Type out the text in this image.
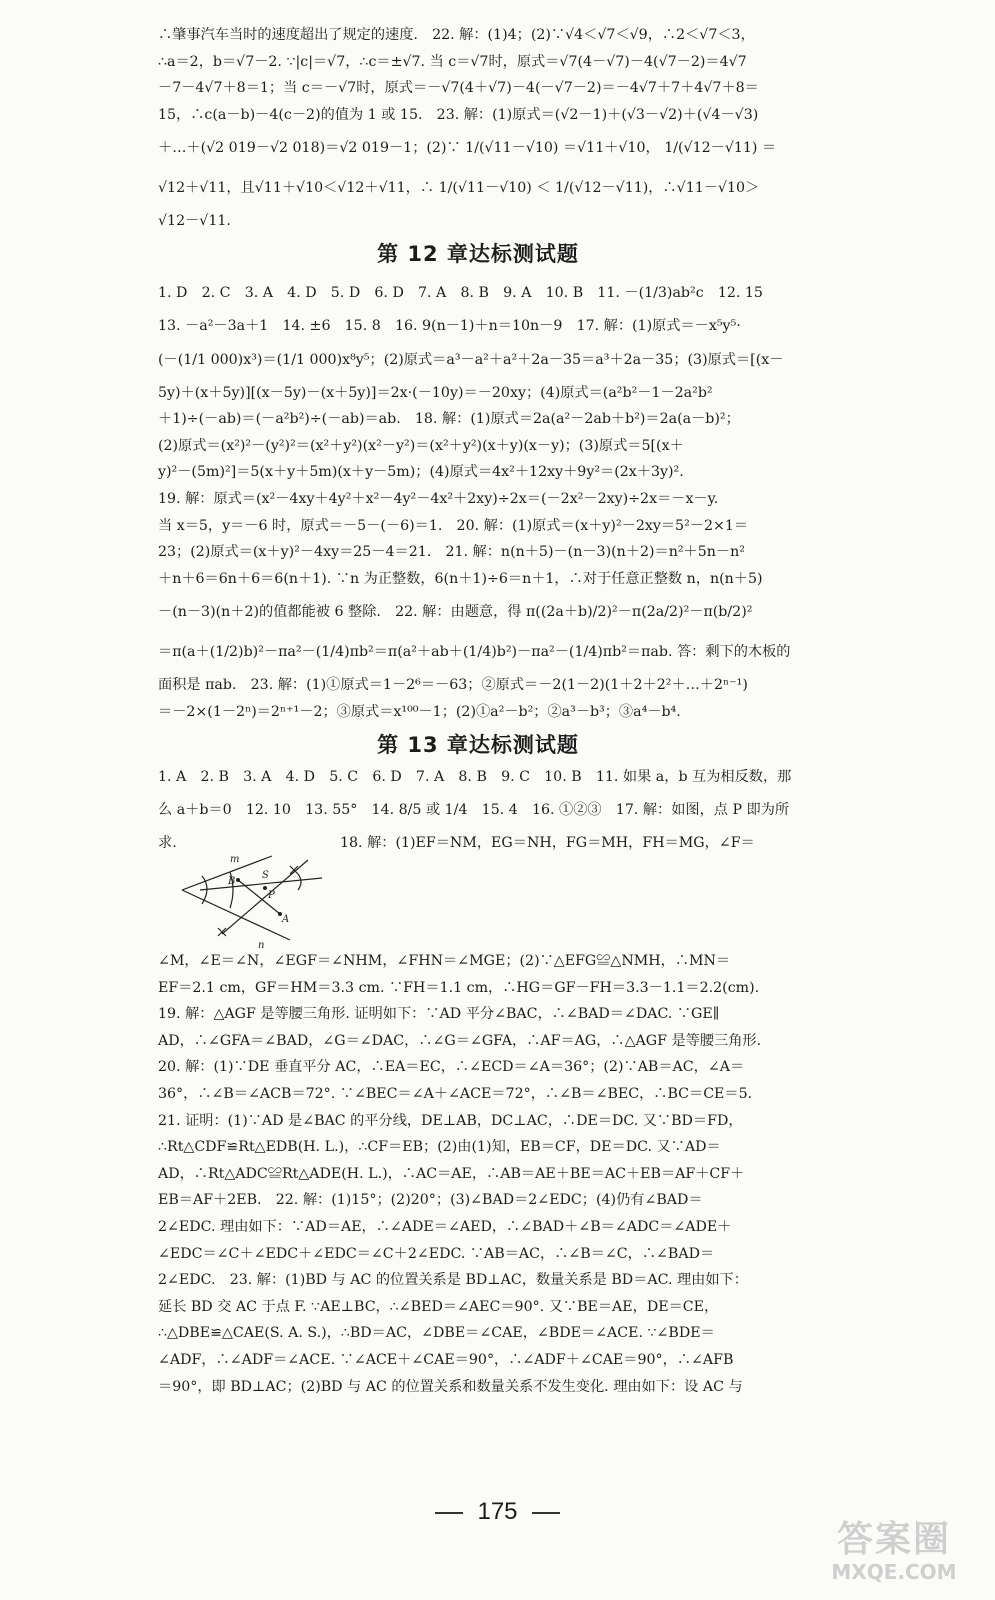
∴肇事汽车当时的速度超出了规定的速度.　22. 解：(1)4；(2)∵√4＜√7＜√9，∴2＜√7＜3，
∴a＝2，b＝√7－2. ∵|c|＝√7，∴c＝±√7. 当 c＝√7时，原式＝√7(4－√7)－4(√7－2)＝4√7
－7－4√7＋8＝1；当 c＝－√7时，原式＝－√7(4＋√7)－4(－√7－2)＝－4√7＋7＋4√7＋8＝
15，∴c(a－b)－4(c－2)的值为 1 或 15.　23. 解：(1)原式＝(√2－1)＋(√3－√2)＋(√4－√3)
＋…＋(√2 019－√2 018)＝√2 019－1；(2)∵ 1/(√11－√10) ＝√11＋√10， 1/(√12－√11) ＝
√12＋√11，且√11＋√10＜√12＋√11，∴ 1/(√11－√10) ＜ 1/(√12－√11)，∴√11－√10＞
√12－√11.
第 12 章达标测试题
1. D　2. C　3. A　4. D　5. D　6. D　7. A　8. B　9. A　10. B　11. －(1/3)ab²c　12. 15
13. －a²－3a＋1　14. ±6　15. 8　16. 9(n－1)＋n＝10n－9　17. 解：(1)原式＝－x⁵y⁵·
(－(1/1 000)x³)＝(1/1 000)x⁸y⁵；(2)原式＝a³－a²＋a²＋2a－35＝a³＋2a－35；(3)原式＝[(x－
5y)＋(x＋5y)][(x－5y)－(x＋5y)]＝2x·(－10y)＝－20xy；(4)原式＝(a²b²－1－2a²b²
＋1)÷(－ab)＝(－a²b²)÷(－ab)＝ab.　18. 解：(1)原式＝2a(a²－2ab＋b²)＝2a(a－b)²；
(2)原式＝(x²)²－(y²)²＝(x²＋y²)(x²－y²)＝(x²＋y²)(x＋y)(x－y)；(3)原式＝5[(x＋
y)²－(5m)²]＝5(x＋y＋5m)(x＋y－5m)；(4)原式＝4x²＋12xy＋9y²＝(2x＋3y)².
19. 解：原式＝(x²－4xy＋4y²＋x²－4y²－4x²＋2xy)÷2x＝(－2x²－2xy)÷2x＝－x－y.
当 x＝5，y＝－6 时，原式＝－5－(－6)＝1.　20. 解：(1)原式＝(x＋y)²－2xy＝5²－2×1＝
23；(2)原式＝(x＋y)²－4xy＝25－4＝21.　21. 解：n(n＋5)－(n－3)(n＋2)＝n²＋5n－n²
＋n＋6＝6n＋6＝6(n＋1). ∵n 为正整数，6(n＋1)÷6＝n＋1，∴对于任意正整数 n，n(n＋5)
－(n－3)(n＋2)的值都能被 6 整除.　22. 解：由题意，得 π((2a＋b)/2)²－π(2a/2)²－π(b/2)²
＝π(a＋(1/2)b)²－πa²－(1/4)πb²＝π(a²＋ab＋(1/4)b²)－πa²－(1/4)πb²＝πab. 答：剩下的木板的
面积是 πab.　23. 解：(1)①原式＝1－2⁶＝－63；②原式＝－2(1－2)(1＋2＋2²＋…＋2ⁿ⁻¹)
＝－2×(1－2ⁿ)＝2ⁿ⁺¹－2；③原式＝x¹⁰⁰－1；(2)①a²－b²；②a³－b³；③a⁴－b⁴.
第 13 章达标测试题
1. A　2. B　3. A　4. D　5. C　6. D　7. A　8. B　9. C　10. B　11. 如果 a，b 互为相反数，那
么 a＋b＝0　12. 10　13. 55°　14. 8/5 或 1/4　15. 4　16. ①②③　17. 解：如图，点 P 即为所
求.	18. 解：(1)EF＝NM，EG＝NH，FG＝MH，FH＝MG，∠F＝
m
n
B
S
P
A
∠M，∠E＝∠N，∠EGF＝∠NHM，∠FHN＝∠MGE；(2)∵△EFG≌△NMH，∴MN＝
EF＝2.1 cm，GF＝HM＝3.3 cm. ∵FH＝1.1 cm，∴HG＝GF－FH＝3.3－1.1＝2.2(cm).
19. 解：△AGF 是等腰三角形. 证明如下：∵AD 平分∠BAC，∴∠BAD＝∠DAC. ∵GE∥
AD，∴∠GFA＝∠BAD，∠G＝∠DAC，∴∠G＝∠GFA，∴AF＝AG，∴△AGF 是等腰三角形.
20. 解：(1)∵DE 垂直平分 AC，∴EA＝EC，∴∠ECD＝∠A＝36°；(2)∵AB＝AC，∠A＝
36°，∴∠B＝∠ACB＝72°. ∵∠BEC＝∠A＋∠ACE＝72°，∴∠B＝∠BEC，∴BC＝CE＝5.
21. 证明：(1)∵AD 是∠BAC 的平分线，DE⊥AB，DC⊥AC，∴DE＝DC. 又∵BD＝FD，
∴Rt△CDF≌Rt△EDB(H. L.)，∴CF＝EB；(2)由(1)知，EB＝CF，DE＝DC. 又∵AD＝
AD，∴Rt△ADC≌Rt△ADE(H. L.)，∴AC＝AE，∴AB＝AE＋BE＝AC＋EB＝AF＋CF＋
EB＝AF＋2EB.　22. 解：(1)15°；(2)20°；(3)∠BAD＝2∠EDC；(4)仍有∠BAD＝
2∠EDC. 理由如下：∵AD＝AE，∴∠ADE＝∠AED，∴∠BAD＋∠B＝∠ADC＝∠ADE＋
∠EDC＝∠C＋∠EDC＋∠EDC＝∠C＋2∠EDC. ∵AB＝AC，∴∠B＝∠C，∴∠BAD＝
2∠EDC.　23. 解：(1)BD 与 AC 的位置关系是 BD⊥AC，数量关系是 BD＝AC. 理由如下：
延长 BD 交 AC 于点 F. ∵AE⊥BC，∴∠BED＝∠AEC＝90°. 又∵BE＝AE，DE＝CE，
∴△DBE≌△CAE(S. A. S.)，∴BD＝AC，∠DBE＝∠CAE，∠BDE＝∠ACE. ∵∠BDE＝
∠ADF，∴∠ADF＝∠ACE. ∵∠ACE＋∠CAE＝90°，∴∠ADF＋∠CAE＝90°，∴∠AFB
＝90°，即 BD⊥AC；(2)BD 与 AC 的位置关系和数量关系不发生变化. 理由如下：设 AC 与
175
答案圈
MXQE.COM
